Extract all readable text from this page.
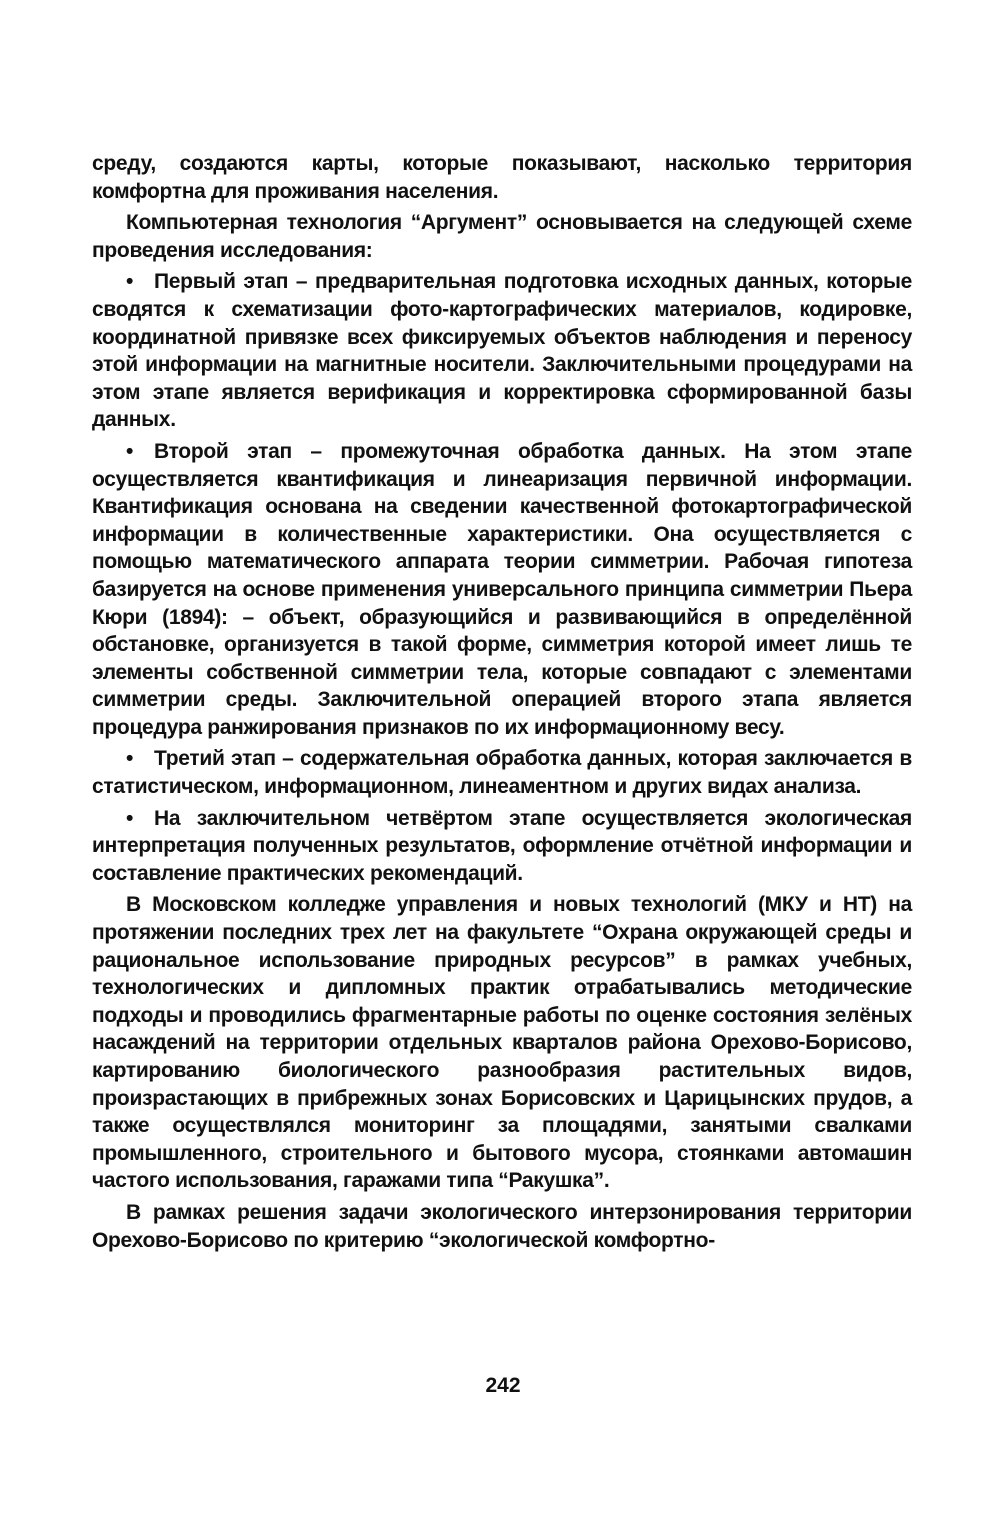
среду, создаются карты, которые показывают, насколько территория комфортна для проживания населения.

Компьютерная технология “Аргумент” основывается на следующей схеме проведения исследования:

• Первый этап – предварительная подготовка исходных данных, которые сводятся к схематизации фото-картографических материалов, кодировке, координатной привязке всех фиксируемых объектов наблюдения и переносу этой информации на магнитные носители. Заключительными процедурами на этом этапе является верификация и корректировка сформированной базы данных.

• Второй этап – промежуточная обработка данных. На этом этапе осуществляется квантификация и линеаризация первичной информации. Квантификация основана на сведении качественной фотокартографической информации в количественные характеристики. Она осуществляется с помощью математического аппарата теории симметрии. Рабочая гипотеза базируется на основе применения универсального принципа симметрии Пьера Кюри (1894): – объект, образующийся и развивающийся в определённой обстановке, организуется в такой форме, симметрия которой имеет лишь те элементы собственной симметрии тела, которые совпадают с элементами симметрии среды. Заключительной операцией второго этапа является процедура ранжирования признаков по их информационному весу.

• Третий этап – содержательная обработка данных, которая заключается в статистическом, информационном, линеаментном и других видах анализа.

• На заключительном четвёртом этапе осуществляется экологическая интерпретация полученных результатов, оформление отчётной информации и составление практических рекомендаций.

В Московском колледже управления и новых технологий (МКУ и НТ) на протяжении последних трех лет на факультете “Охрана окружающей среды и рациональное использование природных ресурсов” в рамках учебных, технологических и дипломных практик отрабатывались методические подходы и проводились фрагментарные работы по оценке состояния зелёных насаждений на территории отдельных кварталов района Орехово-Борисово, картированию биологического разнообразия растительных видов, произрастающих в прибрежных зонах Борисовских и Царицынских прудов, а также осуществлялся мониторинг за площадями, занятыми свалками промышленного, строительного и бытового мусора, стоянками автомашин частого использования, гаражами типа “Ракушка”.

В рамках решения задачи экологического интерзонирования территории Орехово-Борисово по критерию “экологической комфортно-

242
